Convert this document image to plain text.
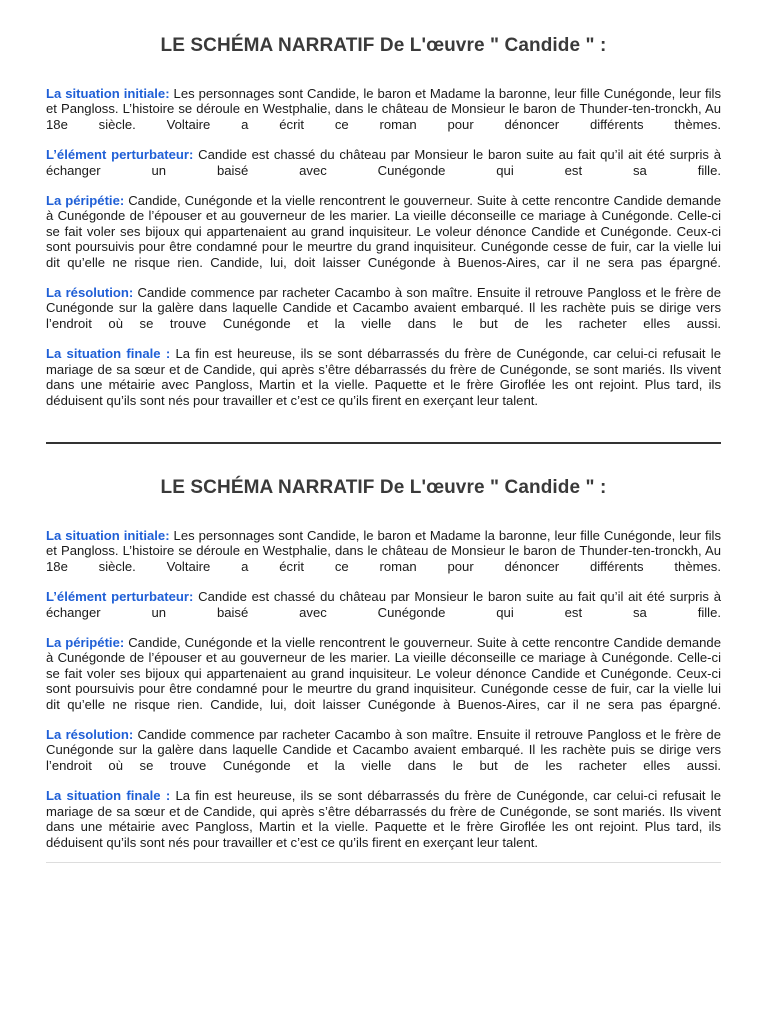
LE SCHÉMA NARRATIF De L'œuvre " Candide " :

La situation initiale: Les personnages sont Candide, le baron et Madame la baronne, leur fille Cunégonde, leur fils et Pangloss. L’histoire se déroule en Westphalie, dans le château de Monsieur le baron de Thunder-ten-tronckh, Au 18e siècle. Voltaire a écrit ce roman pour dénoncer différents thèmes.

L’élément perturbateur: Candide est chassé du château par Monsieur le baron suite au fait qu’il ait été surpris à échanger un baisé avec Cunégonde qui est sa fille.

La péripétie: Candide, Cunégonde et la vielle rencontrent le gouverneur. Suite à cette rencontre Candide demande à Cunégonde de l’épouser et au gouverneur de les marier. La vieille déconseille ce mariage à Cunégonde. Celle-ci se fait voler ses bijoux qui appartenaient au grand inquisiteur. Le voleur dénonce Candide et Cunégonde. Ceux-ci sont poursuivis pour être condamné pour le meurtre du grand inquisiteur. Cunégonde cesse de fuir, car la vielle lui dit qu’elle ne risque rien. Candide, lui, doit laisser Cunégonde à Buenos-Aires, car il ne sera pas épargné.

La résolution: Candide commence par racheter Cacambo à son maître. Ensuite il retrouve Pangloss et le frère de Cunégonde sur la galère dans laquelle Candide et Cacambo avaient embarqué. Il les rachète puis se dirige vers l’endroit où se trouve Cunégonde et la vielle dans le but de les racheter elles aussi.

La situation finale : La fin est heureuse, ils se sont débarrassés du frère de Cunégonde, car celui-ci refusait le mariage de sa sœur et de Candide, qui après s’être débarrassés du frère de Cunégonde, se sont mariés. Ils vivent dans une métairie avec Pangloss, Martin et la vielle. Paquette et le frère Giroflée les ont rejoint. Plus tard, ils déduisent qu’ils sont nés pour travailler et c’est ce qu’ils firent en exerçant leur talent.

LE SCHÉMA NARRATIF De L'œuvre " Candide " :

La situation initiale: Les personnages sont Candide, le baron et Madame la baronne, leur fille Cunégonde, leur fils et Pangloss. L’histoire se déroule en Westphalie, dans le château de Monsieur le baron de Thunder-ten-tronckh, Au 18e siècle. Voltaire a écrit ce roman pour dénoncer différents thèmes.

L’élément perturbateur: Candide est chassé du château par Monsieur le baron suite au fait qu’il ait été surpris à échanger un baisé avec Cunégonde qui est sa fille.

La péripétie: Candide, Cunégonde et la vielle rencontrent le gouverneur. Suite à cette rencontre Candide demande à Cunégonde de l’épouser et au gouverneur de les marier. La vieille déconseille ce mariage à Cunégonde. Celle-ci se fait voler ses bijoux qui appartenaient au grand inquisiteur. Le voleur dénonce Candide et Cunégonde. Ceux-ci sont poursuivis pour être condamné pour le meurtre du grand inquisiteur. Cunégonde cesse de fuir, car la vielle lui dit qu’elle ne risque rien. Candide, lui, doit laisser Cunégonde à Buenos-Aires, car il ne sera pas épargné.

La résolution: Candide commence par racheter Cacambo à son maître. Ensuite il retrouve Pangloss et le frère de Cunégonde sur la galère dans laquelle Candide et Cacambo avaient embarqué. Il les rachète puis se dirige vers l’endroit où se trouve Cunégonde et la vielle dans le but de les racheter elles aussi.

La situation finale : La fin est heureuse, ils se sont débarrassés du frère de Cunégonde, car celui-ci refusait le mariage de sa sœur et de Candide, qui après s’être débarrassés du frère de Cunégonde, se sont mariés. Ils vivent dans une métairie avec Pangloss, Martin et la vielle. Paquette et le frère Giroflée les ont rejoint. Plus tard, ils déduisent qu’ils sont nés pour travailler et c’est ce qu’ils firent en exerçant leur talent.
